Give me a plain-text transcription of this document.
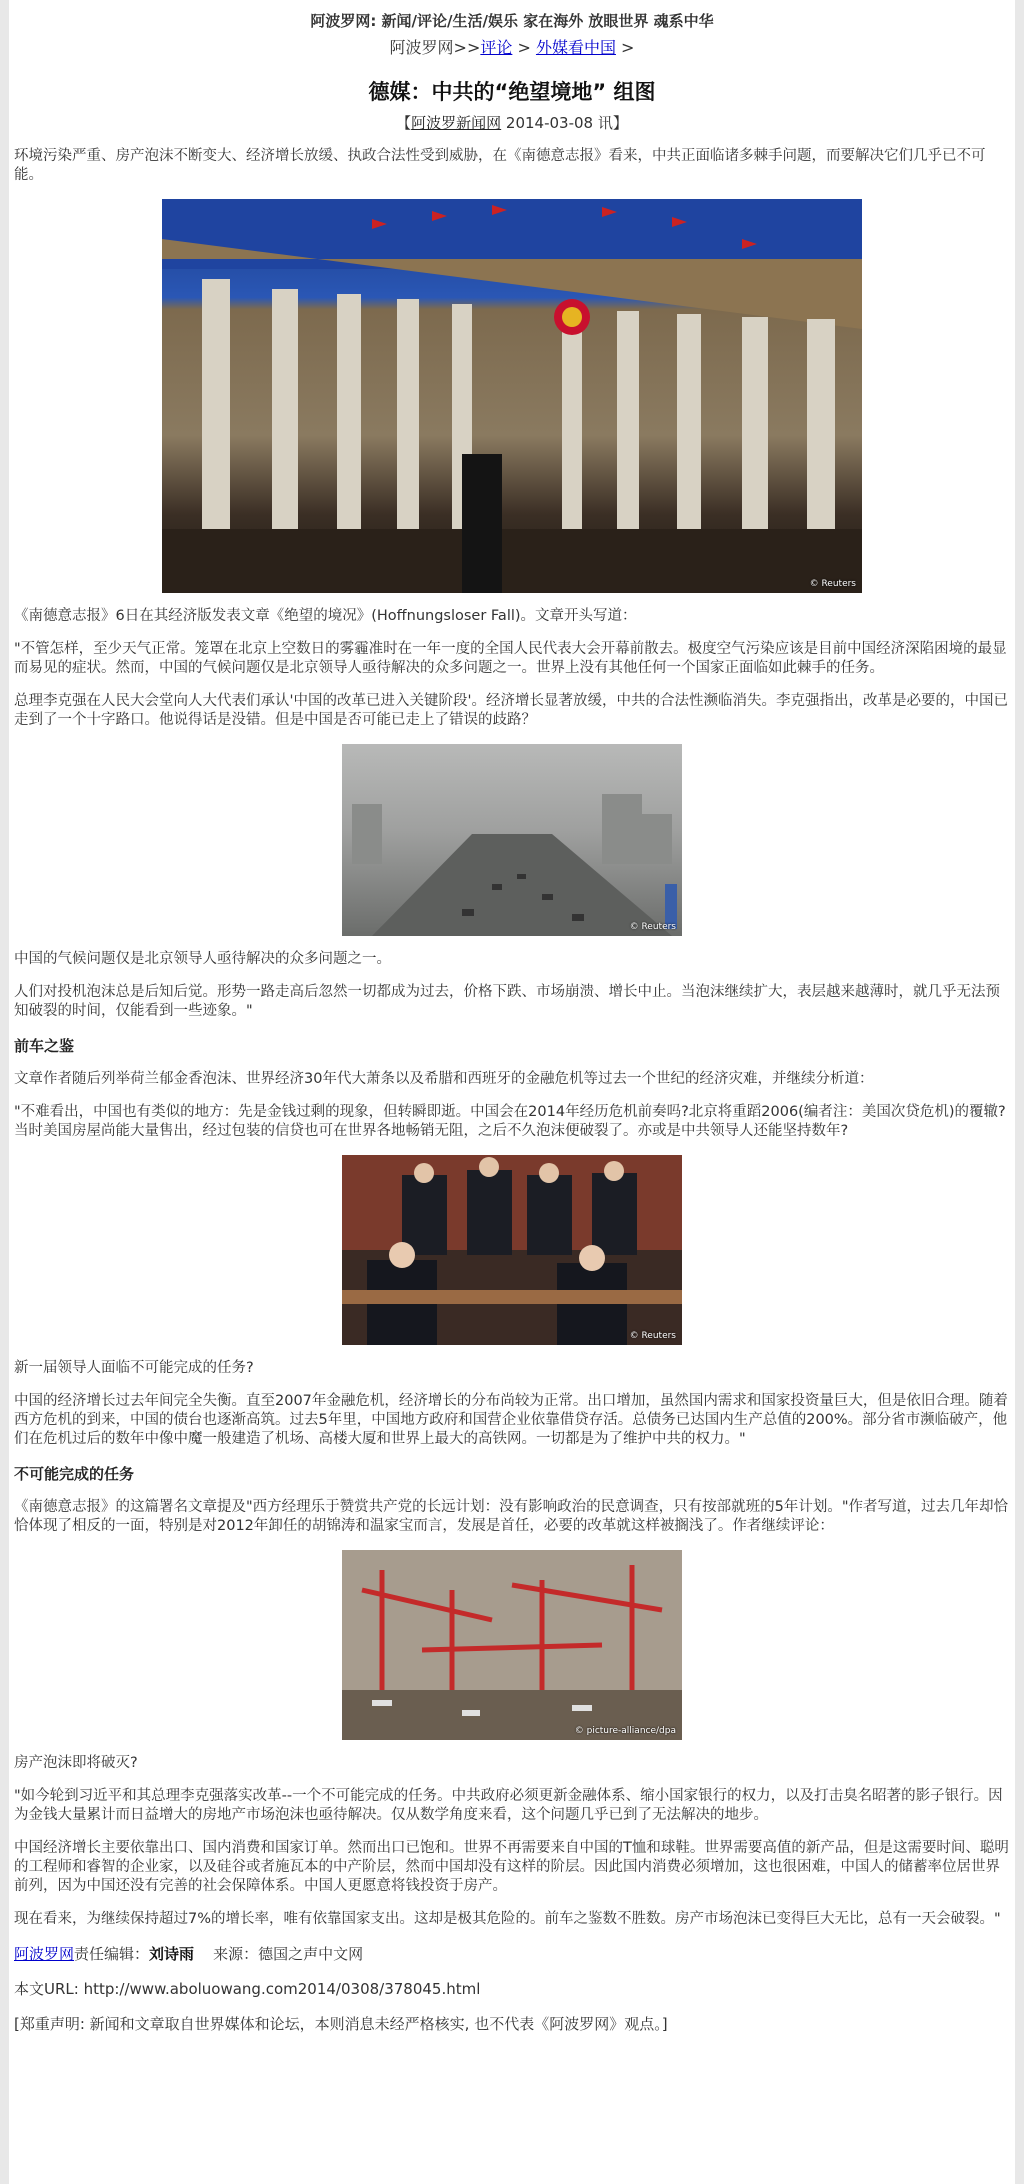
阿波罗网: 新闻/评论/生活/娱乐 家在海外 放眼世界 魂系中华
阿波罗网>>评论 > 外媒看中国 >
德媒：中共的“绝望境地” 组图
【阿波罗新闻网 2014-03-08 讯】

环境污染严重、房产泡沫不断变大、经济增长放缓、执政合法性受到威胁，在《南德意志报》看来，中共正面临诸多棘手问题，而要解决它们几乎已不可能。

© Reuters

《南德意志报》6日在其经济版发表文章《绝望的境况》(Hoffnungsloser Fall)。文章开头写道：

"不管怎样，至少天气正常。笼罩在北京上空数日的雾霾准时在一年一度的全国人民代表大会开幕前散去。极度空气污染应该是目前中国经济深陷困境的最显而易见的症状。然而，中国的气候问题仅是北京领导人亟待解决的众多问题之一。世界上没有其他任何一个国家正面临如此棘手的任务。

总理李克强在人民大会堂向人大代表们承认'中国的改革已进入关键阶段'。经济增长显著放缓，中共的合法性濒临消失。李克强指出，改革是必要的，中国已走到了一个十字路口。他说得话是没错。但是中国是否可能已走上了错误的歧路？

© Reuters

中国的气候问题仅是北京领导人亟待解决的众多问题之一。

人们对投机泡沫总是后知后觉。形势一路走高后忽然一切都成为过去，价格下跌、市场崩溃、增长中止。当泡沫继续扩大，表层越来越薄时，就几乎无法预知破裂的时间，仅能看到一些迹象。"

前车之鉴

文章作者随后列举荷兰郁金香泡沫、世界经济30年代大萧条以及希腊和西班牙的金融危机等过去一个世纪的经济灾难，并继续分析道：

"不难看出，中国也有类似的地方：先是金钱过剩的现象，但转瞬即逝。中国会在2014年经历危机前奏吗?北京将重蹈2006(编者注：美国次贷危机)的覆辙?当时美国房屋尚能大量售出，经过包装的信贷也可在世界各地畅销无阻，之后不久泡沫便破裂了。亦或是中共领导人还能坚持数年?

© Reuters

新一届领导人面临不可能完成的任务?

中国的经济增长过去年间完全失衡。直至2007年金融危机，经济增长的分布尚较为正常。出口增加，虽然国内需求和国家投资量巨大，但是依旧合理。随着西方危机的到来，中国的债台也逐渐高筑。过去5年里，中国地方政府和国营企业依靠借贷存活。总债务已达国内生产总值的200%。部分省市濒临破产，他们在危机过后的数年中像中魔一般建造了机场、高楼大厦和世界上最大的高铁网。一切都是为了维护中共的权力。"

不可能完成的任务

《南德意志报》的这篇署名文章提及"西方经理乐于赞赏共产党的长远计划：没有影响政治的民意调查，只有按部就班的5年计划。"作者写道，过去几年却恰恰体现了相反的一面，特别是对2012年卸任的胡锦涛和温家宝而言，发展是首任，必要的改革就这样被搁浅了。作者继续评论：

© picture-alliance/dpa

房产泡沫即将破灭?

"如今轮到习近平和其总理李克强落实改革--一个不可能完成的任务。中共政府必须更新金融体系、缩小国家银行的权力，以及打击臭名昭著的影子银行。因为金钱大量累计而日益增大的房地产市场泡沫也亟待解决。仅从数学角度来看，这个问题几乎已到了无法解决的地步。

中国经济增长主要依靠出口、国内消费和国家订单。然而出口已饱和。世界不再需要来自中国的T恤和球鞋。世界需要高值的新产品，但是这需要时间、聪明的工程师和睿智的企业家，以及硅谷或者施瓦本的中产阶层，然而中国却没有这样的阶层。因此国内消费必须增加，这也很困难，中国人的储蓄率位居世界前列，因为中国还没有完善的社会保障体系。中国人更愿意将钱投资于房产。

现在看来，为继续保持超过7%的增长率，唯有依靠国家支出。这却是极其危险的。前车之鉴数不胜数。房产市场泡沫已变得巨大无比，总有一天会破裂。"

阿波罗网责任编辑：刘诗雨 来源：德国之声中文网
本文URL: http://www.aboluowang.com2014/0308/378045.html
[郑重声明: 新闻和文章取自世界媒体和论坛，本则消息未经严格核实, 也不代表《阿波罗网》观点。]
